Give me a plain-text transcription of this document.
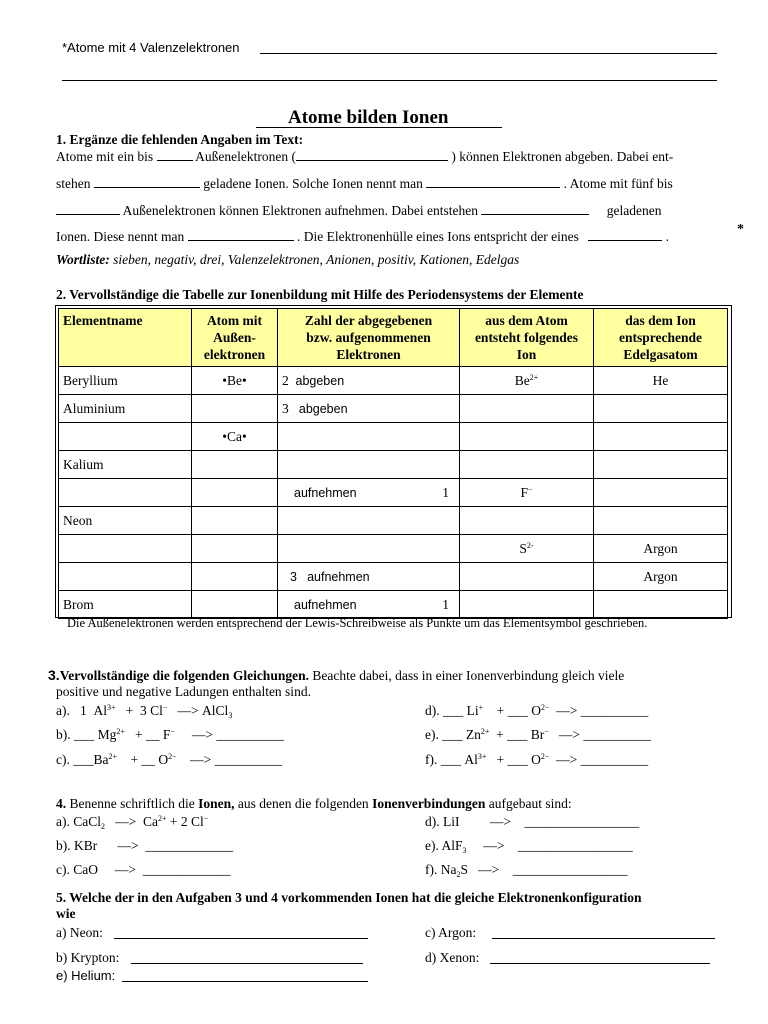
*Atome mit 4 Valenzelektronen
Atome bilden Ionen
1. Ergänze die fehlenden Angaben im Text:
Atome mit ein bis	Außenelektronen (	) können Elektronen abgeben. Dabei ent-
stehen	geladene Ionen. Solche Ionen nennt man	. Atome mit fünf bis
Außenelektronen können Elektronen aufnehmen. Dabei entstehen	geladenen
Ionen. Diese nennt man	. Die Elektronenhülle eines Ions entspricht der eines	.	*
Wortliste: sieben, negativ, drei, Valenzelektronen, Anionen, positiv, Kationen, Edelgas
2. Vervollständige die Tabelle zur Ionenbildung mit Hilfe des Periodensystems der Elemente
Elementname	Atom mit
Außen-
elektronen	Zahl der abgegebenen
bzw. aufgenommenen
Elektronen	aus dem Atom
entsteht folgendes
Ion	das dem Ion
entsprechende
Edelgasatom
Beryllium	•Be•	2 abgeben	$Be^{2+}$	He
Aluminium		3 abgeben		
	•Ca•			
Kalium				
		aufnehmen 1	F−	
Neon				
			$S^{2-}$	Argon
		3 aufnehmen		Argon
Brom		aufnehmen 1		

Die Außenelektronen werden entsprechend der Lewis-Schreibweise als Punkte um das Elementsymbol geschrieben.
3.Vervollständige die folgenden Gleichungen. Beachte dabei, dass in einer Ionenverbindung gleich viele
positive und negative Ladungen enthalten sind.
a). 1 $Al^{3+} + 3$ Cl− —> AlCl$_3$
b). ___ $Mg^{2+}$ + __ F− —> __________
c). $\_\_\_Ba^{2+}$ + __ $O^{2-}$ —> __________
d). ___ Li+ + ___ $O^{2-}$ —> __________
e). ___ $Zn^{2+}$ + ___ Br− —> __________
f). ___ $Al^{3+}$ + ___ $O^{2-}$ —> __________
4. Benenne schriftlich die Ionen, aus denen die folgenden Ionenverbindungen aufgebaut sind:
a). CaCl$_2$ —> $Ca^{2+} + 2$ Cl−
b). KBr —> _____________
c). CaO —> _____________
d). LiI —> _________________
e). AlF$_3$ —> _________________
f). $Na_2S$ —> _________________
5. Welche der in den Aufgaben 3 und 4 vorkommenden Ionen hat die gleiche Elektronenkonfiguration
wie
a) Neon:
b) Krypton:
e) Helium:
c) Argon:
d) Xenon:
